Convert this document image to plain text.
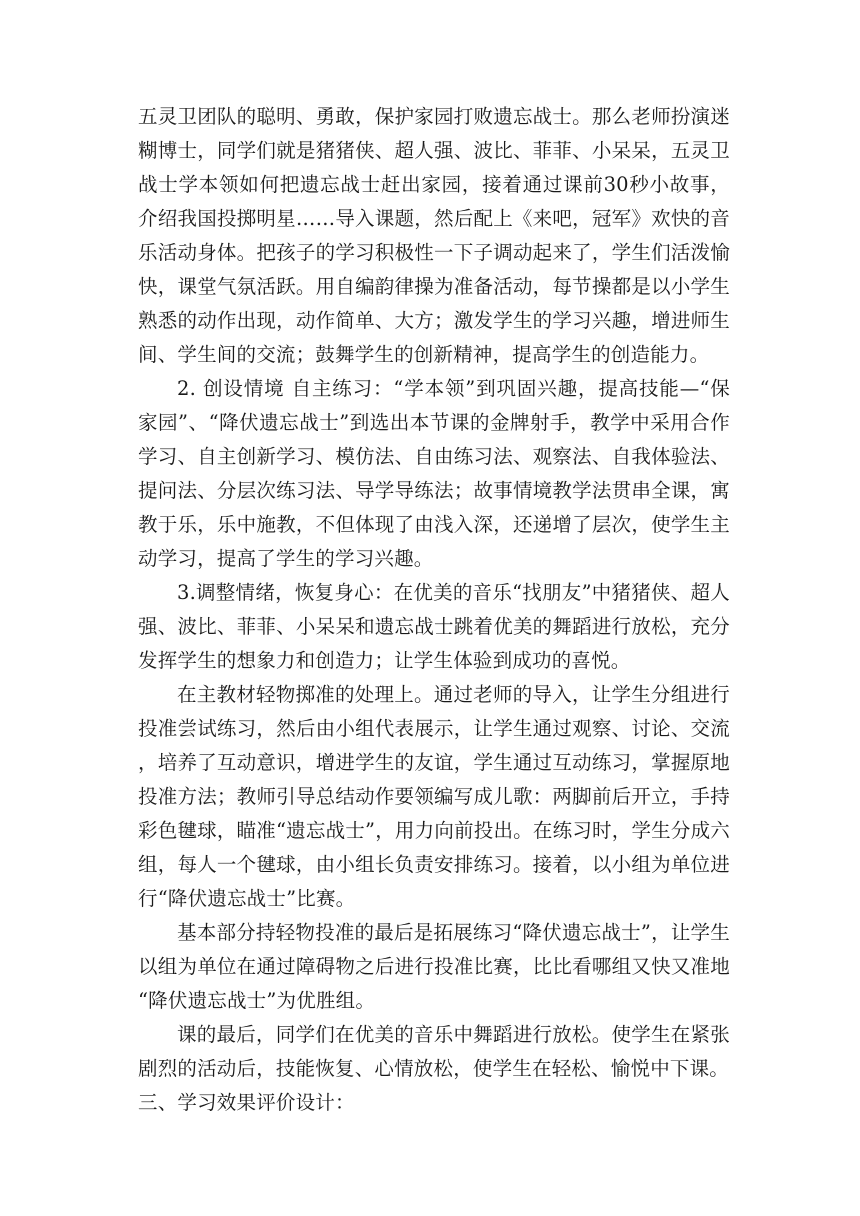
五灵卫团队的聪明、勇敢，保护家园打败遗忘战士。那么老师扮演迷糊博士，同学们就是猪猪侠、超人强、波比、菲菲、小呆呆，五灵卫战士学本领如何把遗忘战士赶出家园，接着通过课前30秒小故事，介绍我国投掷明星……导入课题，然后配上《来吧，冠军》欢快的音乐活动身体。把孩子的学习积极性一下子调动起来了，学生们活泼愉快，课堂气氛活跃。用自编韵律操为准备活动，每节操都是以小学生熟悉的动作出现，动作简单、大方；激发学生的学习兴趣，增进师生间、学生间的交流；鼓舞学生的创新精神，提高学生的创造能力。

2. 创设情境 自主练习：“学本领”到巩固兴趣，提高技能—“保家园”、“降伏遗忘战士”到选出本节课的金牌射手，教学中采用合作学习、自主创新学习、模仿法、自由练习法、观察法、自我体验法、提问法、分层次练习法、导学导练法；故事情境教学法贯串全课，寓教于乐，乐中施教，不但体现了由浅入深，还递增了层次，使学生主动学习，提高了学生的学习兴趣。

3.调整情绪，恢复身心：在优美的音乐“找朋友”中猪猪侠、超人强、波比、菲菲、小呆呆和遗忘战士跳着优美的舞蹈进行放松，充分发挥学生的想象力和创造力；让学生体验到成功的喜悦。

在主教材轻物掷准的处理上。通过老师的导入，让学生分组进行投准尝试练习，然后由小组代表展示，让学生通过观察、讨论、交流，培养了互动意识，增进学生的友谊，学生通过互动练习，掌握原地投准方法；教师引导总结动作要领编写成儿歌：两脚前后开立，手持彩色毽球，瞄准“遗忘战士”，用力向前投出。在练习时，学生分成六组，每人一个毽球，由小组长负责安排练习。接着，以小组为单位进行“降伏遗忘战士”比赛。

基本部分持轻物投准的最后是拓展练习“降伏遗忘战士”，让学生以组为单位在通过障碍物之后进行投准比赛，比比看哪组又快又准地“降伏遗忘战士”为优胜组。

课的最后，同学们在优美的音乐中舞蹈进行放松。使学生在紧张剧烈的活动后，技能恢复、心情放松，使学生在轻松、愉悦中下课。

三、学习效果评价设计：
